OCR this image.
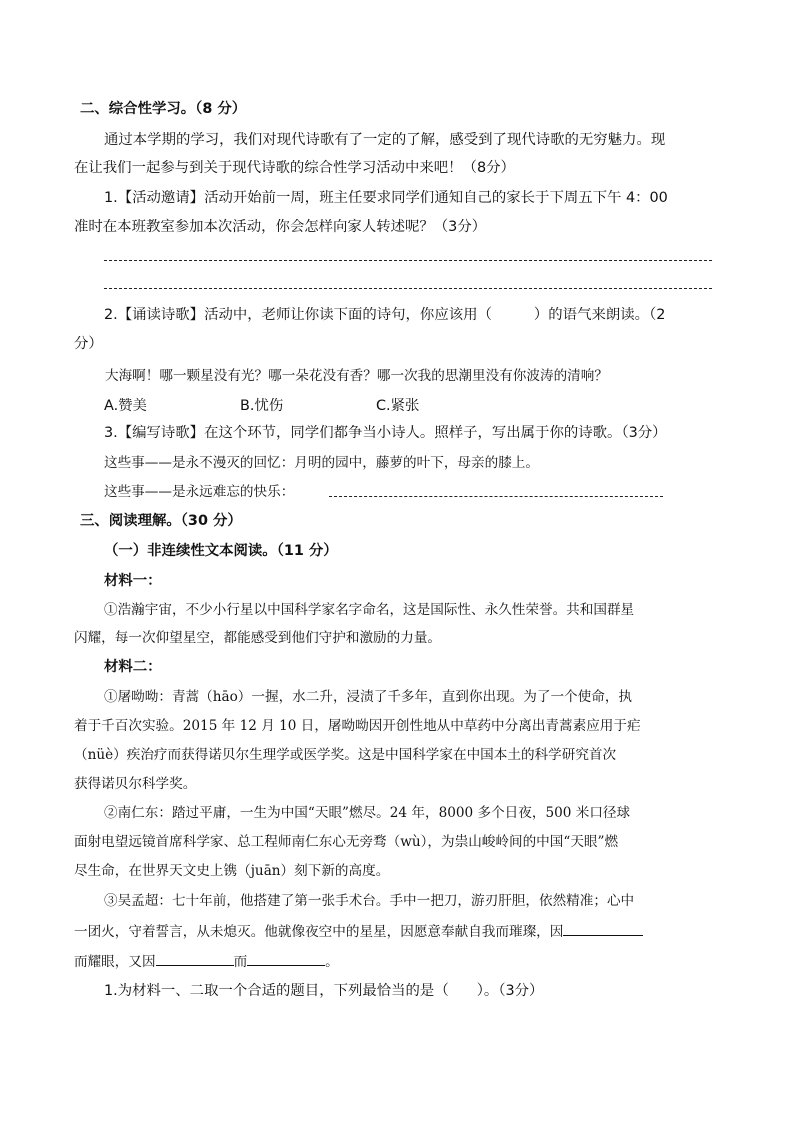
二、综合性学习。（8 分）
通过本学期的学习，我们对现代诗歌有了一定的了解，感受到了现代诗歌的无穷魅力。现
在让我们一起参与到关于现代诗歌的综合性学习活动中来吧！（8分）
1.【活动邀请】活动开始前一周，班主任要求同学们通知自己的家长于下周五下午 4：00
准时在本班教室参加本次活动，你会怎样向家人转述呢？（3分）
2.【诵读诗歌】活动中，老师让你读下面的诗句，你应该用（	）的语气来朗读。（2
分）
大海啊！哪一颗星没有光？哪一朵花没有香？哪一次我的思潮里没有你波涛的清响？
A.赞美	B.忧伤	C.紧张
3.【编写诗歌】在这个环节，同学们都争当小诗人。照样子，写出属于你的诗歌。（3分）
这些事——是永不漫灭的回忆：月明的园中，藤萝的叶下，母亲的膝上。
这些事——是永远难忘的快乐：
三、阅读理解。（30 分）
（一）非连续性文本阅读。（11 分）
材料一：
①浩瀚宇宙，不少小行星以中国科学家名字命名，这是国际性、永久性荣誉。共和国群星
闪耀，每一次仰望星空，都能感受到他们守护和激励的力量。
材料二：
①屠呦呦：青蒿（hāo）一握，水二升，浸渍了千多年，直到你出现。为了一个使命，执
着于千百次实验。2015 年 12 月 10 日，屠呦呦因开创性地从中草药中分离出青蒿素应用于疟
（nüè）疾治疗而获得诺贝尔生理学或医学奖。这是中国科学家在中国本土的科学研究首次
获得诺贝尔科学奖。
②南仁东：踏过平庸，一生为中国“天眼”燃尽。24 年，8000 多个日夜，500 米口径球
面射电望远镜首席科学家、总工程师南仁东心无旁骛（wù），为祟山峻岭间的中国“天眼”燃
尽生命，在世界天文史上镌（juān）刻下新的高度。
③吴孟超：七十年前，他搭建了第一张手术台。手中一把刀，游刃肝胆，依然精准；心中
一团火，守着誓言，从未熄灭。他就像夜空中的星星，因愿意奉献自我而璀璨，因
而耀眼，又因	而	。
1.为材料一、二取一个合适的题目，下列最恰当的是（ ）。（3分）
